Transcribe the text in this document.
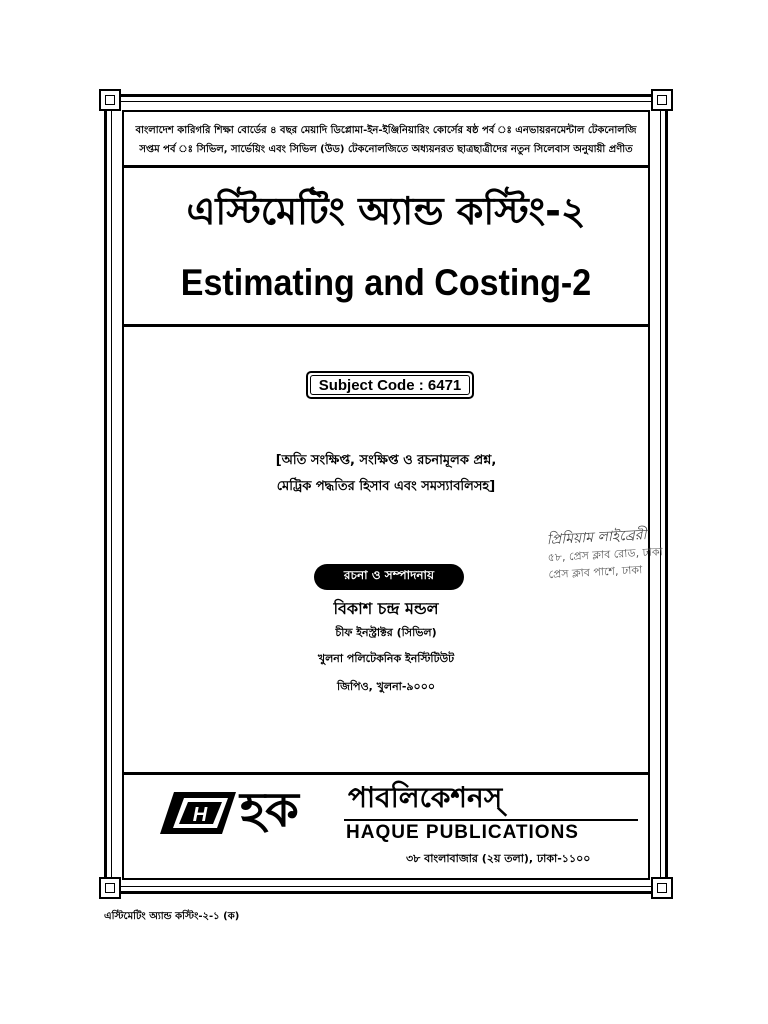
বাংলাদেশ কারিগরি শিক্ষা বোর্ডের ৪ বছর মেয়াদি ডিপ্লোমা-ইন-ইঞ্জিনিয়ারিং কোর্সের ষষ্ঠ পর্ব ঃ এনভায়রনমেন্টাল টেকনোলজি
সপ্তম পর্ব ঃ সিভিল, সার্ভেয়িং এবং সিভিল (উড) টেকনোলজিতে অধ্যয়নরত ছাত্রছাত্রীদের নতুন সিলেবাস অনুযায়ী প্রণীত
এস্টিমেটিং অ্যান্ড কস্টিং-২
Estimating and Costing-2
Subject Code : 6471
[অতি সংক্ষিপ্ত, সংক্ষিপ্ত ও রচনামূলক প্রশ্ন,
মেট্রিক পদ্ধতির হিসাব এবং সমস্যাবলিসহ]
রচনা ও সম্পাদনায়
বিকাশ চন্দ্র মন্ডল
চীফ ইনস্ট্রাক্টর (সিভিল)
খুলনা পলিটেকনিক ইনস্টিটিউট
জিপিও, খুলনা-৯০০০
H হক পাবলিকেশনস্
HAQUE PUBLICATIONS
৩৮ বাংলাবাজার (২য় তলা), ঢাকা-১১০০
প্রিমিয়াম লাইব্রেরী
৫৮, প্রেস ক্লাব রোড, ঢাকা
প্রেস ক্লাব পাশে, ঢাকা
এস্টিমেটিং অ্যান্ড কস্টিং-২-১ (ক)
